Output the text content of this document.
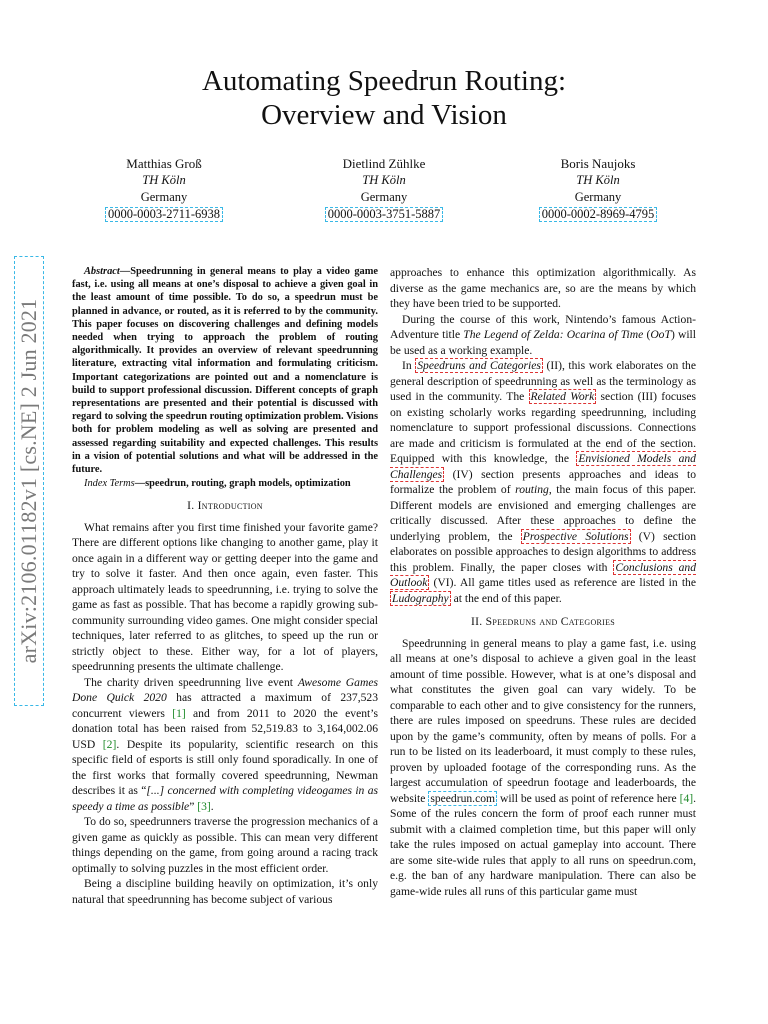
arXiv:2106.01182v1 [cs.NE] 2 Jun 2021
Automating Speedrun Routing:
Overview and Vision
Matthias Groß
TH Köln
Germany
0000-0003-2711-6938
Dietlind Zühlke
TH Köln
Germany
0000-0003-3751-5887
Boris Naujoks
TH Köln
Germany
0000-0002-8969-4795

Abstract—Speedrunning in general means to play a video game fast, i.e. using all means at one’s disposal to achieve a given goal in the least amount of time possible. To do so, a speedrun must be planned in advance, or routed, as it is referred to by the community. This paper focuses on discovering challenges and defining models needed when trying to approach the problem of routing algorithmically. It provides an overview of relevant speedrunning literature, extracting vital information and formulating criticism. Important categorizations are pointed out and a nomenclature is build to support professional discussion. Different concepts of graph representations are presented and their potential is discussed with regard to solving the speedrun routing optimization problem. Visions both for problem modeling as well as solving are presented and assessed regarding suitability and expected challenges. This results in a vision of potential solutions and what will be addressed in the future.

Index Terms—speedrun, routing, graph models, optimization

I. Introduction

What remains after you first time finished your favorite game? There are different options like changing to another game, play it once again in a different way or getting deeper into the game and try to solve it faster. And then once again, even faster. This approach ultimately leads to speedrunning, i.e. trying to solve the game as fast as possible. That has become a rapidly growing sub-community surrounding video games. One might consider special techniques, later referred to as glitches, to speed up the run or strictly object to these. Either way, for a lot of players, speedrunning presents the ultimate challenge.

The charity driven speedrunning live event Awesome Games Done Quick 2020 has attracted a maximum of 237,523 concurrent viewers [1] and from 2011 to 2020 the event’s donation total has been raised from 52,519.83 to 3,164,002.06 USD [2]. Despite its popularity, scientific research on this specific field of esports is still only found sporadically. In one of the first works that formally covered speedrunning, Newman describes it as “[...] concerned with completing videogames in as speedy a time as possible” [3].

To do so, speedrunners traverse the progression mechanics of a given game as quickly as possible. This can mean very different things depending on the game, from going around a racing track optimally to solving puzzles in the most efficient order.

Being a discipline building heavily on optimization, it’s only natural that speedrunning has become subject of various

approaches to enhance this optimization algorithmically. As diverse as the game mechanics are, so are the means by which they have been tried to be supported.

During the course of this work, Nintendo’s famous Action-Adventure title The Legend of Zelda: Ocarina of Time (OoT) will be used as a working example.

In Speedruns and Categories (II), this work elaborates on the general description of speedrunning as well as the terminology as used in the community. The Related Work section (III) focuses on existing scholarly works regarding speedrunning, including nomenclature to support professional discussions. Connections are made and criticism is formulated at the end of the section. Equipped with this knowledge, the Envisioned Models and Challenges (IV) section presents approaches and ideas to formalize the problem of routing, the main focus of this paper. Different models are envisioned and emerging challenges are critically discussed. After these approaches to define the underlying problem, the Prospective Solutions (V) section elaborates on possible approaches to design algorithms to address this problem. Finally, the paper closes with Conclusions and Outlook (VI). All game titles used as reference are listed in the Ludography at the end of this paper.

II. Speedruns and Categories

Speedrunning in general means to play a game fast, i.e. using all means at one’s disposal to achieve a given goal in the least amount of time possible. However, what is at one’s disposal and what constitutes the given goal can vary widely. To be comparable to each other and to give consistency for the runners, there are rules imposed on speedruns. These rules are decided upon by the game’s community, often by means of polls. For a run to be listed on its leaderboard, it must comply to these rules, proven by uploaded footage of the corresponding runs. As the largest accumulation of speedrun footage and leaderboards, the website speedrun.com will be used as point of reference here [4]. Some of the rules concern the form of proof each runner must submit with a claimed completion time, but this paper will only take the rules imposed on actual gameplay into account. There are some site-wide rules that apply to all runs on speedrun.com, e.g. the ban of any hardware manipulation. There can also be game-wide rules all runs of this particular game must
